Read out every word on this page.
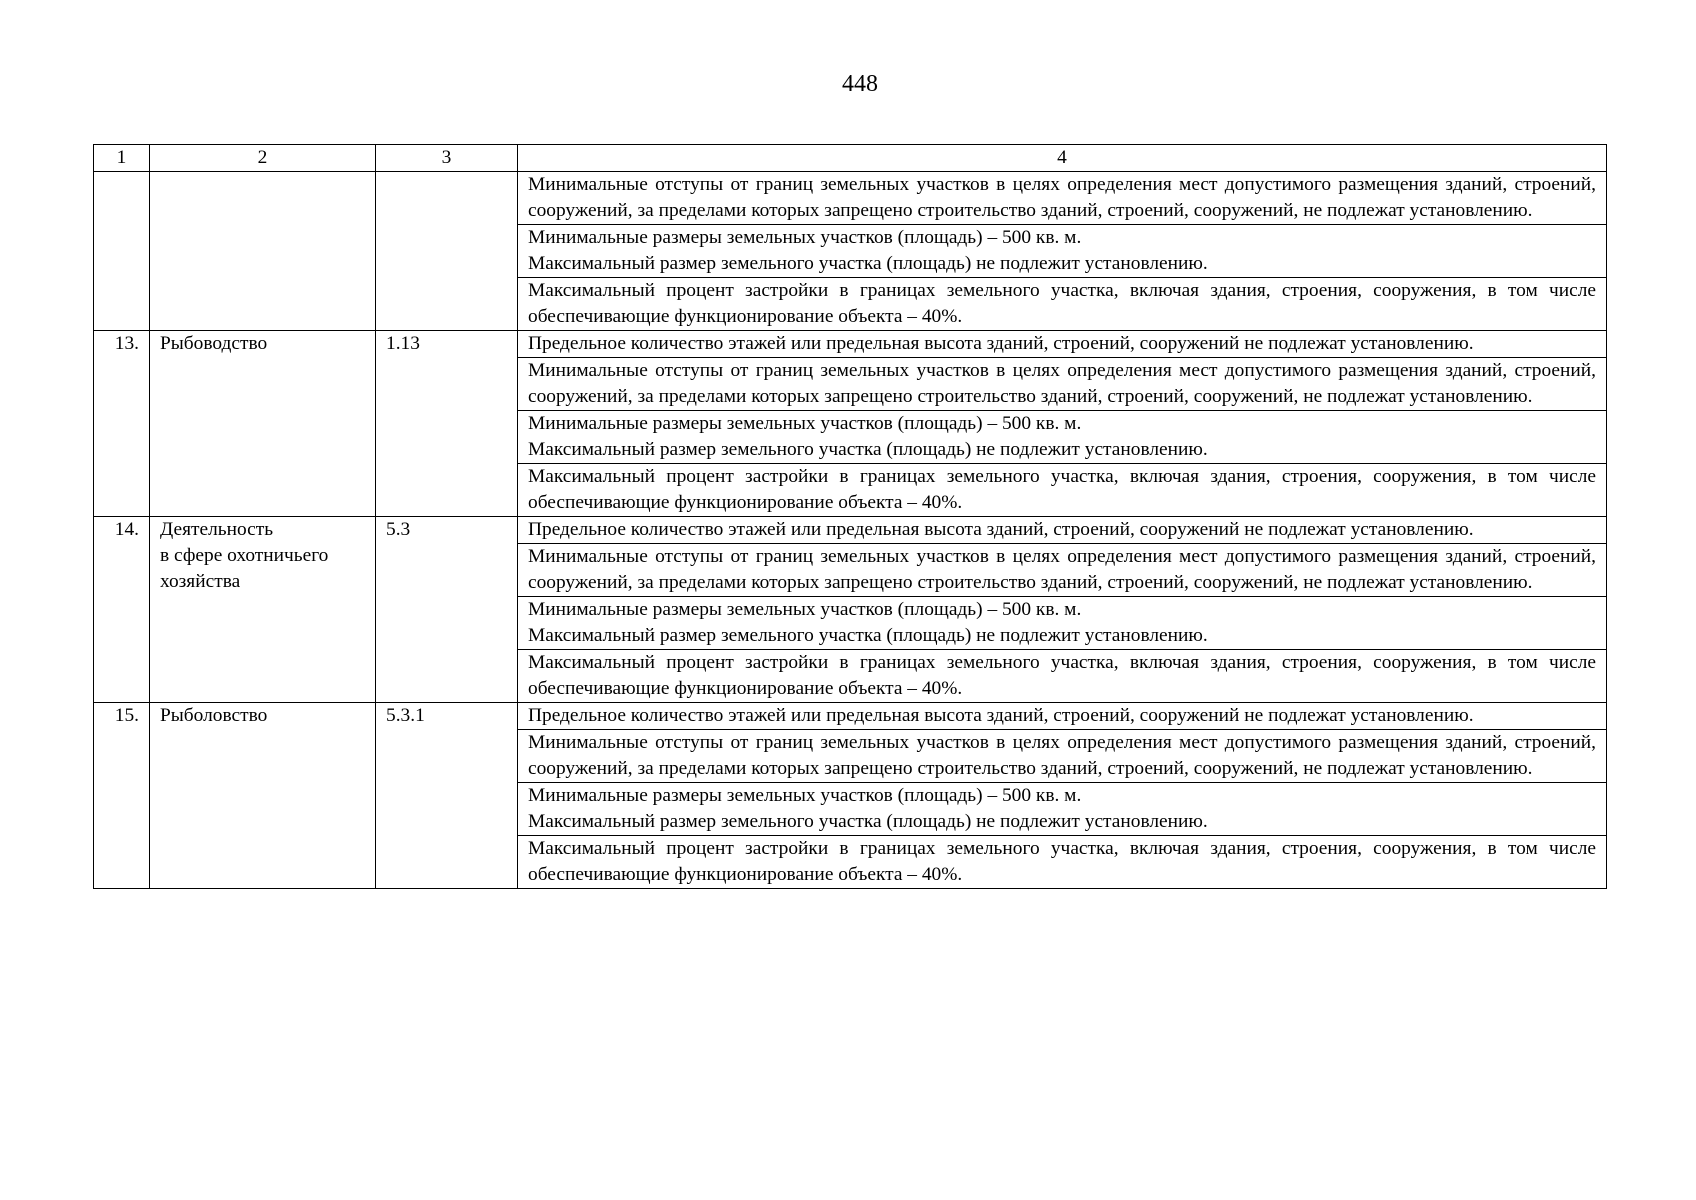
448
1	2	3	4
			Минимальные отступы от границ земельных участков в целях определения мест допустимого размещения зданий, строений, сооружений, за пределами которых запрещено строительство зданий, строений, сооружений, не подлежат установлению.

			Минимальные размеры земельных участков (площадь) – 500 кв. м.
Максимальный размер земельного участка (площадь) не подлежит установлению.

			Максимальный процент застройки в границах земельного участка, включая здания, строения, сооружения, в том числе обеспечивающие функционирование объекта – 40%.
13.	Рыбоводство	1.13	Предельное количество этажей или предельная высота зданий, строений, сооружений не подлежат установлению.
			Минимальные отступы от границ земельных участков в целях определения мест допустимого размещения зданий, строений, сооружений, за пределами которых запрещено строительство зданий, строений, сооружений, не подлежат установлению.

			Минимальные размеры земельных участков (площадь) – 500 кв. м.
Максимальный размер земельного участка (площадь) не подлежит установлению.

			Максимальный процент застройки в границах земельного участка, включая здания, строения, сооружения, в том числе обеспечивающие функционирование объекта – 40%.
14.	Деятельность
в сфере охотничьего
хозяйства	5.3	Предельное количество этажей или предельная высота зданий, строений, сооружений не подлежат установлению.
			Минимальные отступы от границ земельных участков в целях определения мест допустимого размещения зданий, строений, сооружений, за пределами которых запрещено строительство зданий, строений, сооружений, не подлежат установлению.

			Минимальные размеры земельных участков (площадь) – 500 кв. м.
Максимальный размер земельного участка (площадь) не подлежит установлению.

			Максимальный процент застройки в границах земельного участка, включая здания, строения, сооружения, в том числе обеспечивающие функционирование объекта – 40%.
15.	Рыболовство	5.3.1	Предельное количество этажей или предельная высота зданий, строений, сооружений не подлежат установлению.
			Минимальные отступы от границ земельных участков в целях определения мест допустимого размещения зданий, строений, сооружений, за пределами которых запрещено строительство зданий, строений, сооружений, не подлежат установлению.

			Минимальные размеры земельных участков (площадь) – 500 кв. м.
Максимальный размер земельного участка (площадь) не подлежит установлению.

			Максимальный процент застройки в границах земельного участка, включая здания, строения, сооружения, в том числе обеспечивающие функционирование объекта – 40%.
